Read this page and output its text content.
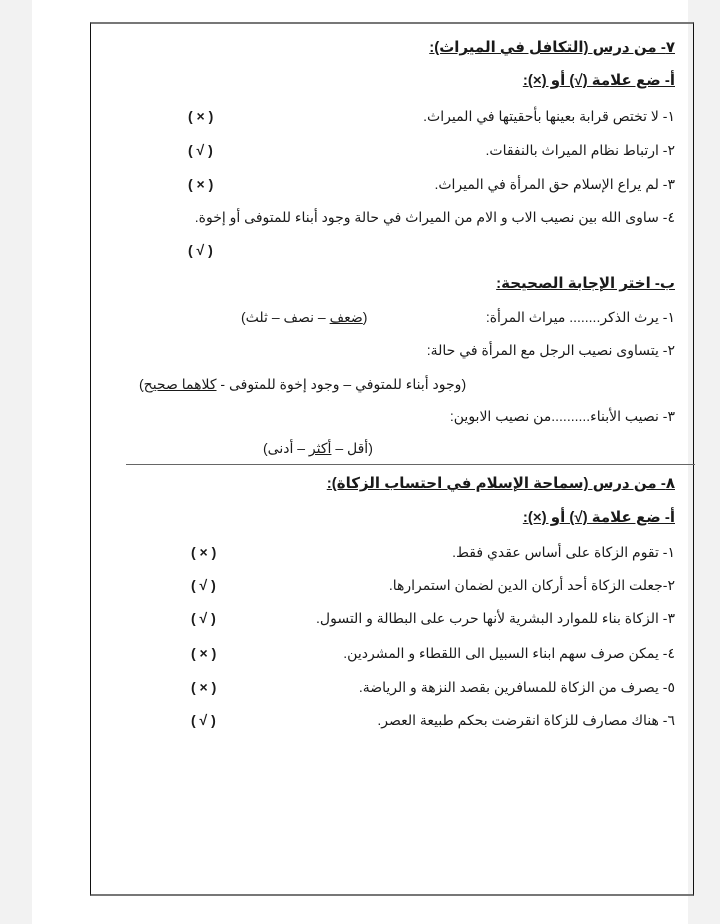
٧- من درس (التكافل في الميراث):
أ- ضع علامة (√) أو (×):
١- لا تختص قرابة بعينها بأحقيتها في الميراث.
( × )
٢- ارتباط نظام الميراث بالنفقات.
( √ )
٣- لم يراع الإسلام حق المرأة في الميراث.
( × )
٤- ساوى الله بين نصيب الاب و الام من الميراث في حالة وجود أبناء للمتوفى أو إخوة.
( √ )
ب- اختر الإجابة الصحيحة:
١- يرث الذكر........ ميراث المرأة:
(ضعف – نصف – ثلث)
٢- يتساوى نصيب الرجل مع المرأة في حالة:
(وجود أبناء للمتوفي – وجود إخوة للمتوفى - كلاهما صحيح)
٣- نصيب الأبناء..........من نصيب الابوين:
(أقل – أكثر – أدنى)
٨- من درس (سماحة الإسلام في احتساب الزكاة):
أ- ضع علامة (√) أو (×):
١- تقوم الزكاة على أساس عقدي فقط.
( × )
٢-جعلت الزكاة أحد أركان الدين لضمان استمرارها.
( √ )
٣- الزكاة بناء للموارد البشرية لأنها حرب على البطالة و التسول.
( √ )
٤- يمكن صرف سهم ابناء السبيل الى اللقطاء و المشردين.
( × )
٥- يصرف من الزكاة للمسافرين بقصد النزهة و الرياضة.
( × )
٦- هناك مصارف للزكاة انقرضت بحكم طبيعة العصر.
( √ )
